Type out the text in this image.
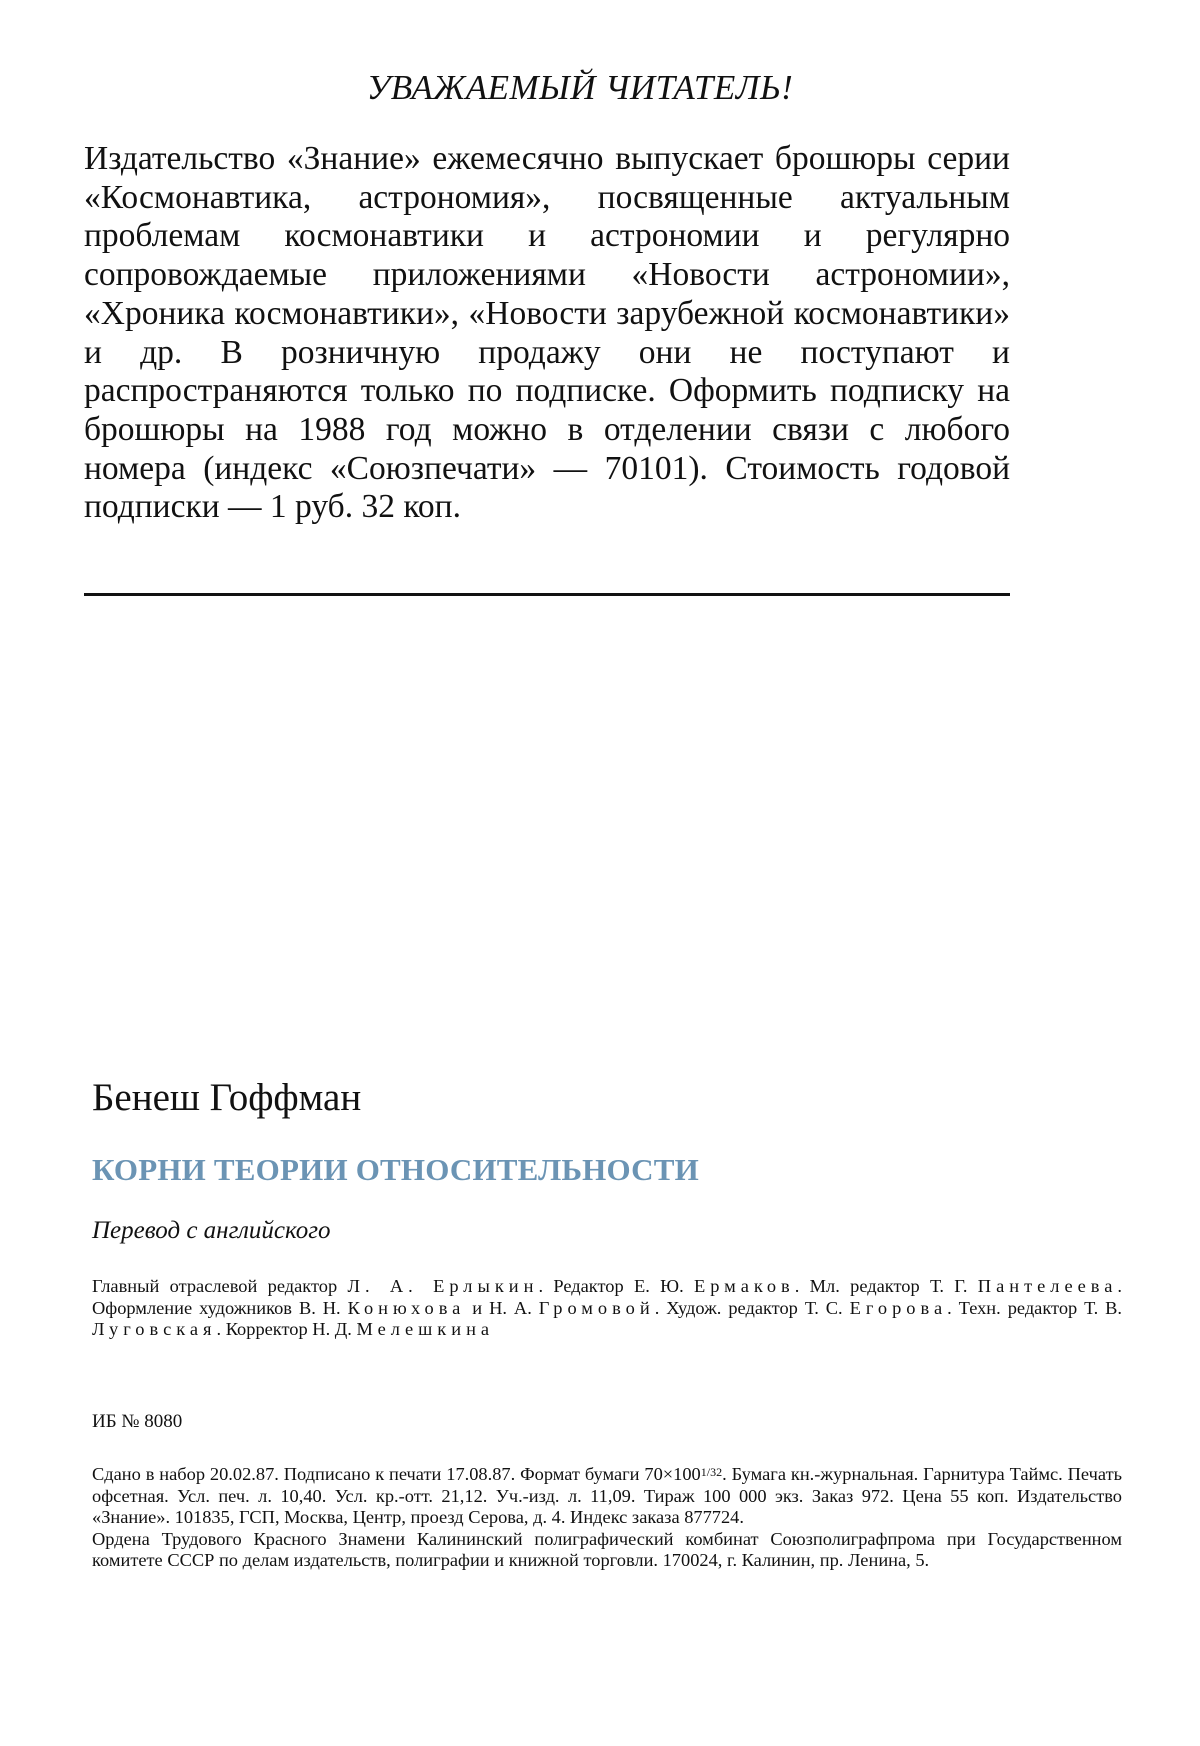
УВАЖАЕМЫЙ ЧИТАТЕЛЬ!
Издательство «Знание» ежемесячно выпускает брошюры серии «Космонавтика, астрономия», посвященные актуальным проблемам космонавтики и астрономии и регулярно сопровождаемые приложениями «Новости астрономии», «Хроника космонавтики», «Новости зарубежной космонавтики» и др. В розничную продажу они не поступают и распространяются только по подписке. Оформить подписку на брошюры на 1988 год можно в отделении связи с любого номера (индекс «Союзпечати» — 70101). Стоимость годовой подписки — 1 руб. 32 коп.
Бенеш Гоффман
КОРНИ ТЕОРИИ ОТНОСИТЕЛЬНОСТИ
Перевод с английского
Главный отраслевой редактор Л. А. Ерлыкин. Редактор Е. Ю. Ермаков. Мл. редактор Т. Г. Пантелеева. Оформление художников В. Н. Конюхова и Н. А. Громовой. Худож. редактор Т. С. Егорова. Техн. редактор Т. В. Луговская. Корректор Н. Д. Мелешкина
ИБ № 8080

Сдано в набор 20.02.87. Подписано к печати 17.08.87. Формат бумаги $70\times 100^{1/32}$. Бумага кн.-журнальная. Гарнитура Таймс. Печать офсетная. Усл. печ. л. 10,40. Усл. кр.-отт. 21,12. Уч.-изд. л. 11,09. Тираж 100 000 экз. Заказ 972. Цена 55 коп. Издательство «Знание». 101835, ГСП, Москва, Центр, проезд Серова, д. 4. Индекс заказа 877724.

Ордена Трудового Красного Знамени Калининский полиграфический комбинат Союзполиграфпрома при Государственном комитете СССР по делам издательств, полиграфии и книжной торговли. 170024, г. Калинин, пр. Ленина, 5.
